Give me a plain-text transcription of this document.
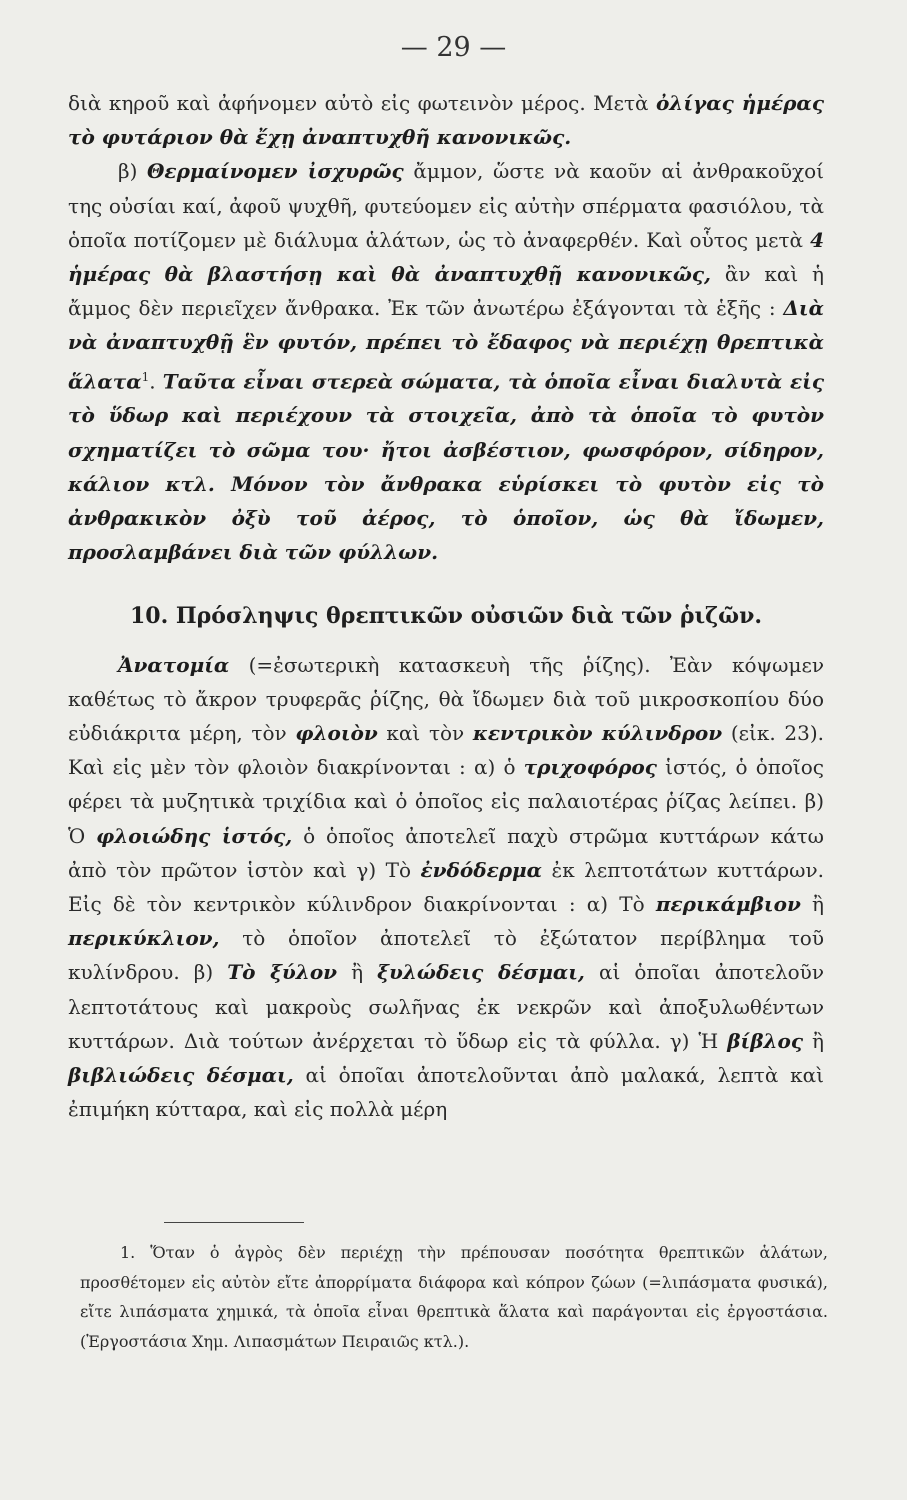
— 29 —

διὰ κηροῦ καὶ ἀφήνομεν αὐτὸ εἰς φωτεινὸν μέρος. Μετὰ ὀλίγας ἡμέρας τὸ φυτάριον θὰ ἔχῃ ἀναπτυχθῆ κανονικῶς.

β) Θερμαίνομεν ἰσχυρῶς ἄμμον, ὥστε νὰ καοῦν αἱ ἀνθρακοῦχοί της οὐσίαι καί, ἀφοῦ ψυχθῆ, φυτεύομεν εἰς αὐτὴν σπέρματα φασιόλου, τὰ ὁποῖα ποτίζομεν μὲ διάλυμα ἁλάτων, ὡς τὸ ἀναφερθέν. Καὶ οὗτος μετὰ 4 ἡμέρας θὰ βλαστήσῃ καὶ θὰ ἀναπτυχθῇ κανονικῶς, ἂν καὶ ἡ ἄμμος δὲν περιεῖχεν ἄνθρακα. Ἐκ τῶν ἀνωτέρω ἐξάγονται τὰ ἑξῆς : Διὰ νὰ ἀναπτυχθῇ ἓν φυτόν, πρέπει τὸ ἔδαφος νὰ περιέχῃ θρεπτικὰ ἅλατα$^1$. Ταῦτα εἶναι στερεὰ σώματα, τὰ ὁποῖα εἶναι διαλυτὰ εἰς τὸ ὕδωρ καὶ περιέχουν τὰ στοιχεῖα, ἀπὸ τὰ ὁποῖα τὸ φυτὸν σχηματίζει τὸ σῶμα του· ἤτοι ἀσβέστιον, φωσφόρον, σίδηρον, κάλιον κτλ. Μόνον τὸν ἄνθρακα εὑρίσκει τὸ φυτὸν εἰς τὸ ἀνθρακικὸν ὀξὺ τοῦ ἀέρος, τὸ ὁποῖον, ὡς θὰ ἴδωμεν, προσλαμβάνει διὰ τῶν φύλλων.

10. Πρόσληψις θρεπτικῶν οὐσιῶν διὰ τῶν ῥιζῶν.

Ἀνατομία (=ἐσωτερικὴ κατασκευὴ τῆς ῥίζης). Ἐὰν κόψωμεν καθέτως τὸ ἄκρον τρυφερᾶς ῥίζης, θὰ ἴδωμεν διὰ τοῦ μικροσκοπίου δύο εὐδιάκριτα μέρη, τὸν φλοιὸν καὶ τὸν κεντρικὸν κύλινδρον (εἰκ. 23). Καὶ εἰς μὲν τὸν φλοιὸν διακρίνονται : α) ὁ τριχοφόρος ἱστός, ὁ ὁποῖος φέρει τὰ μυζητικὰ τριχίδια καὶ ὁ ὁποῖος εἰς παλαιοτέρας ῥίζας λείπει. β) Ὁ φλοιώδης ἱστός, ὁ ὁποῖος ἀποτελεῖ παχὺ στρῶμα κυττάρων κάτω ἀπὸ τὸν πρῶτον ἱστὸν καὶ γ) Τὸ ἐνδόδερμα ἐκ λεπτοτάτων κυττάρων. Εἰς δὲ τὸν κεντρικὸν κύλινδρον διακρίνονται : α) Τὸ περικάμβιον ἢ περικύκλιον, τὸ ὁποῖον ἀποτελεῖ τὸ ἐξώτατον περίβλημα τοῦ κυλίνδρου. β) Τὸ ξύλον ἢ ξυλώδεις δέσμαι, αἱ ὁποῖαι ἀποτελοῦν λεπτοτάτους καὶ μακροὺς σωλῆνας ἐκ νεκρῶν καὶ ἀποξυλωθέντων κυττάρων. Διὰ τούτων ἀνέρχεται τὸ ὕδωρ εἰς τὰ φύλλα. γ) Ἡ βίβλος ἢ βιβλιώδεις δέσμαι, αἱ ὁποῖαι ἀποτελοῦνται ἀπὸ μαλακά, λεπτὰ καὶ ἐπιμήκη κύτταρα, καὶ εἰς πολλὰ μέρη

1. Ὅταν ὁ ἀγρὸς δὲν περιέχῃ τὴν πρέπουσαν ποσότητα θρεπτικῶν ἁλάτων, προσθέτομεν εἰς αὐτὸν εἴτε ἀπορρίματα διάφορα καὶ κόπρον ζώων (=λιπάσματα φυσικά), εἴτε λιπάσματα χημικά, τὰ ὁποῖα εἶναι θρεπτικὰ ἅλατα καὶ παράγονται εἰς ἐργοστάσια. (Ἐργοστάσια Χημ. Λιπασμάτων Πειραιῶς κτλ.).
